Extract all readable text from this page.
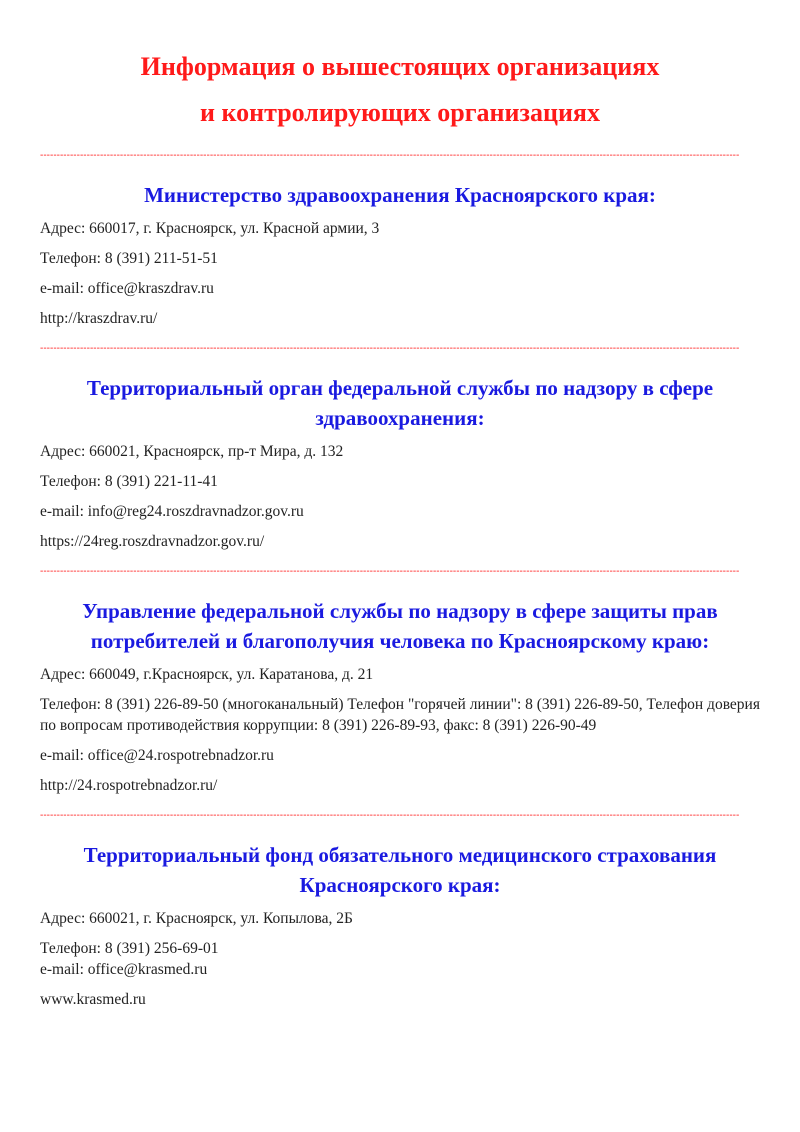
Информация о вышестоящих организациях
и контролирующих организациях
-----
Министерство здравоохранения Красноярского края:

Адрес: 660017, г. Красноярск, ул. Красной армии, 3

Телефон: 8 (391) 211-51-51

e-mail: office@kraszdrav.ru

http://kraszdrav.ru/

-----
Территориальный орган федеральной службы по надзору в сфере здравоохранения:

Адрес: 660021, Красноярск, пр-т Мира, д. 132

Телефон: 8 (391) 221-11-41

e-mail: info@reg24.roszdravnadzor.gov.ru

https://24reg.roszdravnadzor.gov.ru/

-----
Управление федеральной службы по надзору в сфере защиты прав потребителей и благополучия человека по Красноярскому краю:

Адрес: 660049, г.Красноярск, ул. Каратанова, д. 21

Телефон: 8 (391) 226-89-50 (многоканальный) Телефон "горячей линии": 8 (391) 226-89-50, Телефон доверия по вопросам противодействия коррупции: 8 (391) 226-89-93, факс: 8 (391) 226-90-49

e-mail: office@24.rospotrebnadzor.ru

http://24.rospotrebnadzor.ru/

-----
Территориальный фонд обязательного медицинского страхования Красноярского края:

Адрес: 660021, г. Красноярск, ул. Копылова, 2Б

Телефон: 8 (391) 256-69-01

e-mail: office@krasmed.ru

www.krasmed.ru
